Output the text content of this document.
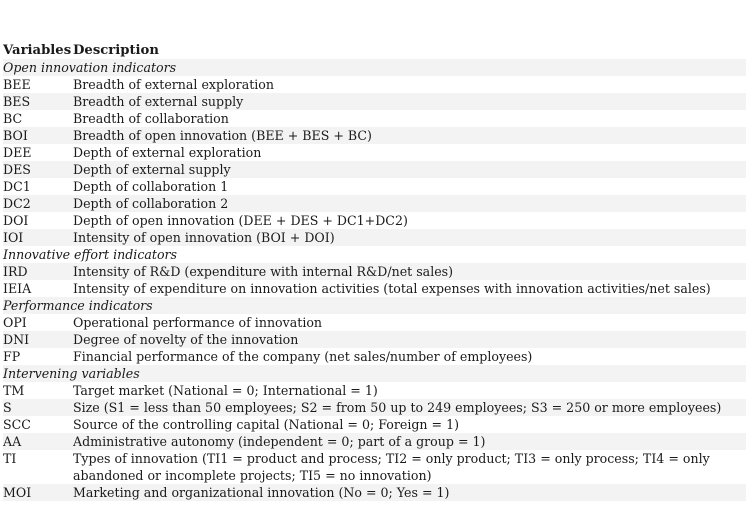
Variables Description
Open innovation indicators
BEE	Breadth of external exploration
BES	Breadth of external supply
BC	Breadth of collaboration
BOI	Breadth of open innovation (BEE + BES + BC)
DEE	Depth of external exploration
DES	Depth of external supply
DC1	Depth of collaboration 1
DC2	Depth of collaboration 2
DOI	Depth of open innovation (DEE + DES + DC1+DC2)
IOI	Intensity of open innovation (BOI + DOI)
Innovative effort indicators
IRD	Intensity of R&D (expenditure with internal R&D/net sales)
IEIA	Intensity of expenditure on innovation activities (total expenses with innovation activities/net sales)
Performance indicators
OPI	Operational performance of innovation
DNI	Degree of novelty of the innovation
FP	Financial performance of the company (net sales/number of employees)
Intervening variables
TM	Target market (National = 0; International = 1)
S	Size (S1 = less than 50 employees; S2 = from 50 up to 249 employees; S3 = 250 or more employees)
SCC	Source of the controlling capital (National = 0; Foreign = 1)
AA	Administrative autonomy (independent = 0; part of a group = 1)
TI	Types of innovation (TI1 = product and process; TI2 = only product; TI3 = only process; TI4 = only abandoned or incomplete projects; TI5 = no innovation)
MOI	Marketing and organizational innovation (No = 0; Yes = 1)
